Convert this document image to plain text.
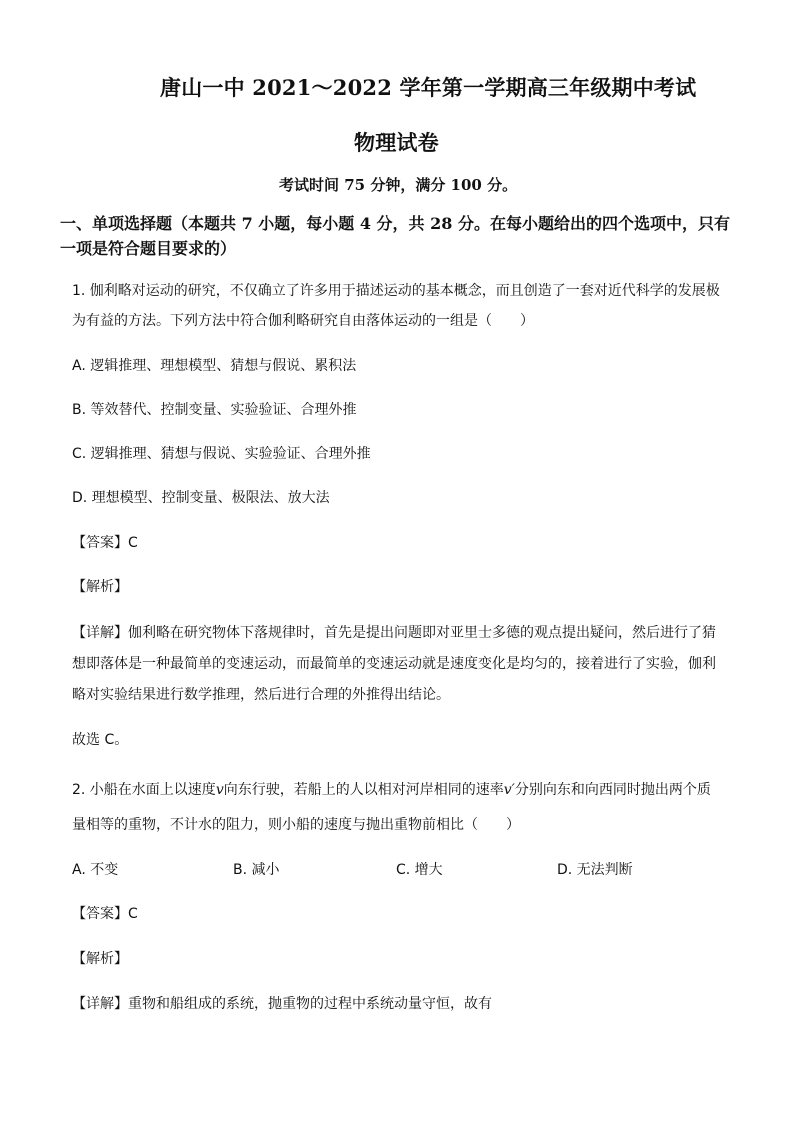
唐山一中 2021～2022 学年第一学期高三年级期中考试
物理试卷
考试时间 75 分钟，满分 100 分。
一、单项选择题（本题共 7 小题，每小题 4 分，共 28 分。在每小题给出的四个选项中，只有
一项是符合题目要求的）
1. 伽利略对运动的研究，不仅确立了许多用于描述运动的基本概念，而且创造了一套对近代科学的发展极
为有益的方法。下列方法中符合伽利略研究自由落体运动的一组是（　　）
A. 逻辑推理、理想模型、猜想与假说、累积法
B. 等效替代、控制变量、实验验证、合理外推
C. 逻辑推理、猜想与假说、实验验证、合理外推
D. 理想模型、控制变量、极限法、放大法
【答案】C
【解析】
【详解】伽利略在研究物体下落规律时，首先是提出问题即对亚里士多德的观点提出疑问，然后进行了猜
想即落体是一种最简单的变速运动，而最简单的变速运动就是速度变化是均匀的，接着进行了实验，伽利
略对实验结果进行数学推理，然后进行合理的外推得出结论。
故选 C。
2. 小船在水面上以速度v向东行驶，若船上的人以相对河岸相同的速率v′分别向东和向西同时抛出两个质
量相等的重物，不计水的阻力，则小船的速度与抛出重物前相比（　　）
A. 不变	B. 减小	C. 增大	D. 无法判断
【答案】C
【解析】
【详解】重物和船组成的系统，抛重物的过程中系统动量守恒，故有
